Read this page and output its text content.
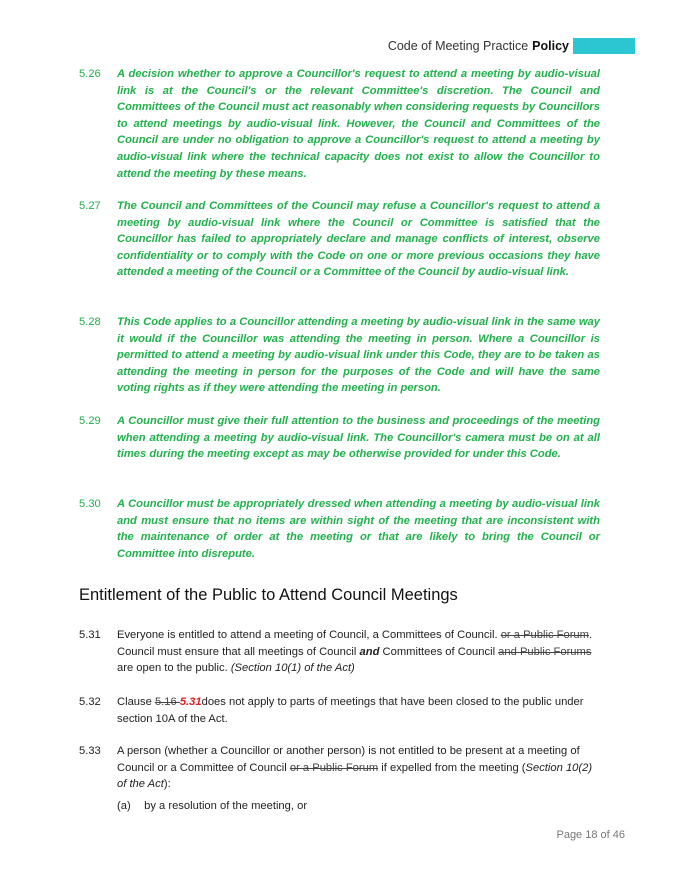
Code of Meeting Practice Policy
5.26 A decision whether to approve a Councillor's request to attend a meeting by audio-visual link is at the Council's or the relevant Committee's discretion. The Council and Committees of the Council must act reasonably when considering requests by Councillors to attend meetings by audio-visual link. However, the Council and Committees of the Council are under no obligation to approve a Councillor's request to attend a meeting by audio-visual link where the technical capacity does not exist to allow the Councillor to attend the meeting by these means.
5.27 The Council and Committees of the Council may refuse a Councillor's request to attend a meeting by audio-visual link where the Council or Committee is satisfied that the Councillor has failed to appropriately declare and manage conflicts of interest, observe confidentiality or to comply with the Code on one or more previous occasions they have attended a meeting of the Council or a Committee of the Council by audio-visual link.
5.28 This Code applies to a Councillor attending a meeting by audio-visual link in the same way it would if the Councillor was attending the meeting in person. Where a Councillor is permitted to attend a meeting by audio-visual link under this Code, they are to be taken as attending the meeting in person for the purposes of the Code and will have the same voting rights as if they were attending the meeting in person.
5.29 A Councillor must give their full attention to the business and proceedings of the meeting when attending a meeting by audio-visual link. The Councillor's camera must be on at all times during the meeting except as may be otherwise provided for under this Code.
5.30 A Councillor must be appropriately dressed when attending a meeting by audio-visual link and must ensure that no items are within sight of the meeting that are inconsistent with the maintenance of order at the meeting or that are likely to bring the Council or Committee into disrepute.
Entitlement of the Public to Attend Council Meetings
5.31 Everyone is entitled to attend a meeting of Council, a Committees of Council. or a Public Forum. Council must ensure that all meetings of Council and Committees of Council and Public Forums are open to the public. (Section 10(1) of the Act)
5.32 Clause 5.16 5.31does not apply to parts of meetings that have been closed to the public under section 10A of the Act.
5.33 A person (whether a Councillor or another person) is not entitled to be present at a meeting of Council or a Committee of Council or a Public Forum if expelled from the meeting (Section 10(2) of the Act):
(a) by a resolution of the meeting, or
Page 18 of 46
